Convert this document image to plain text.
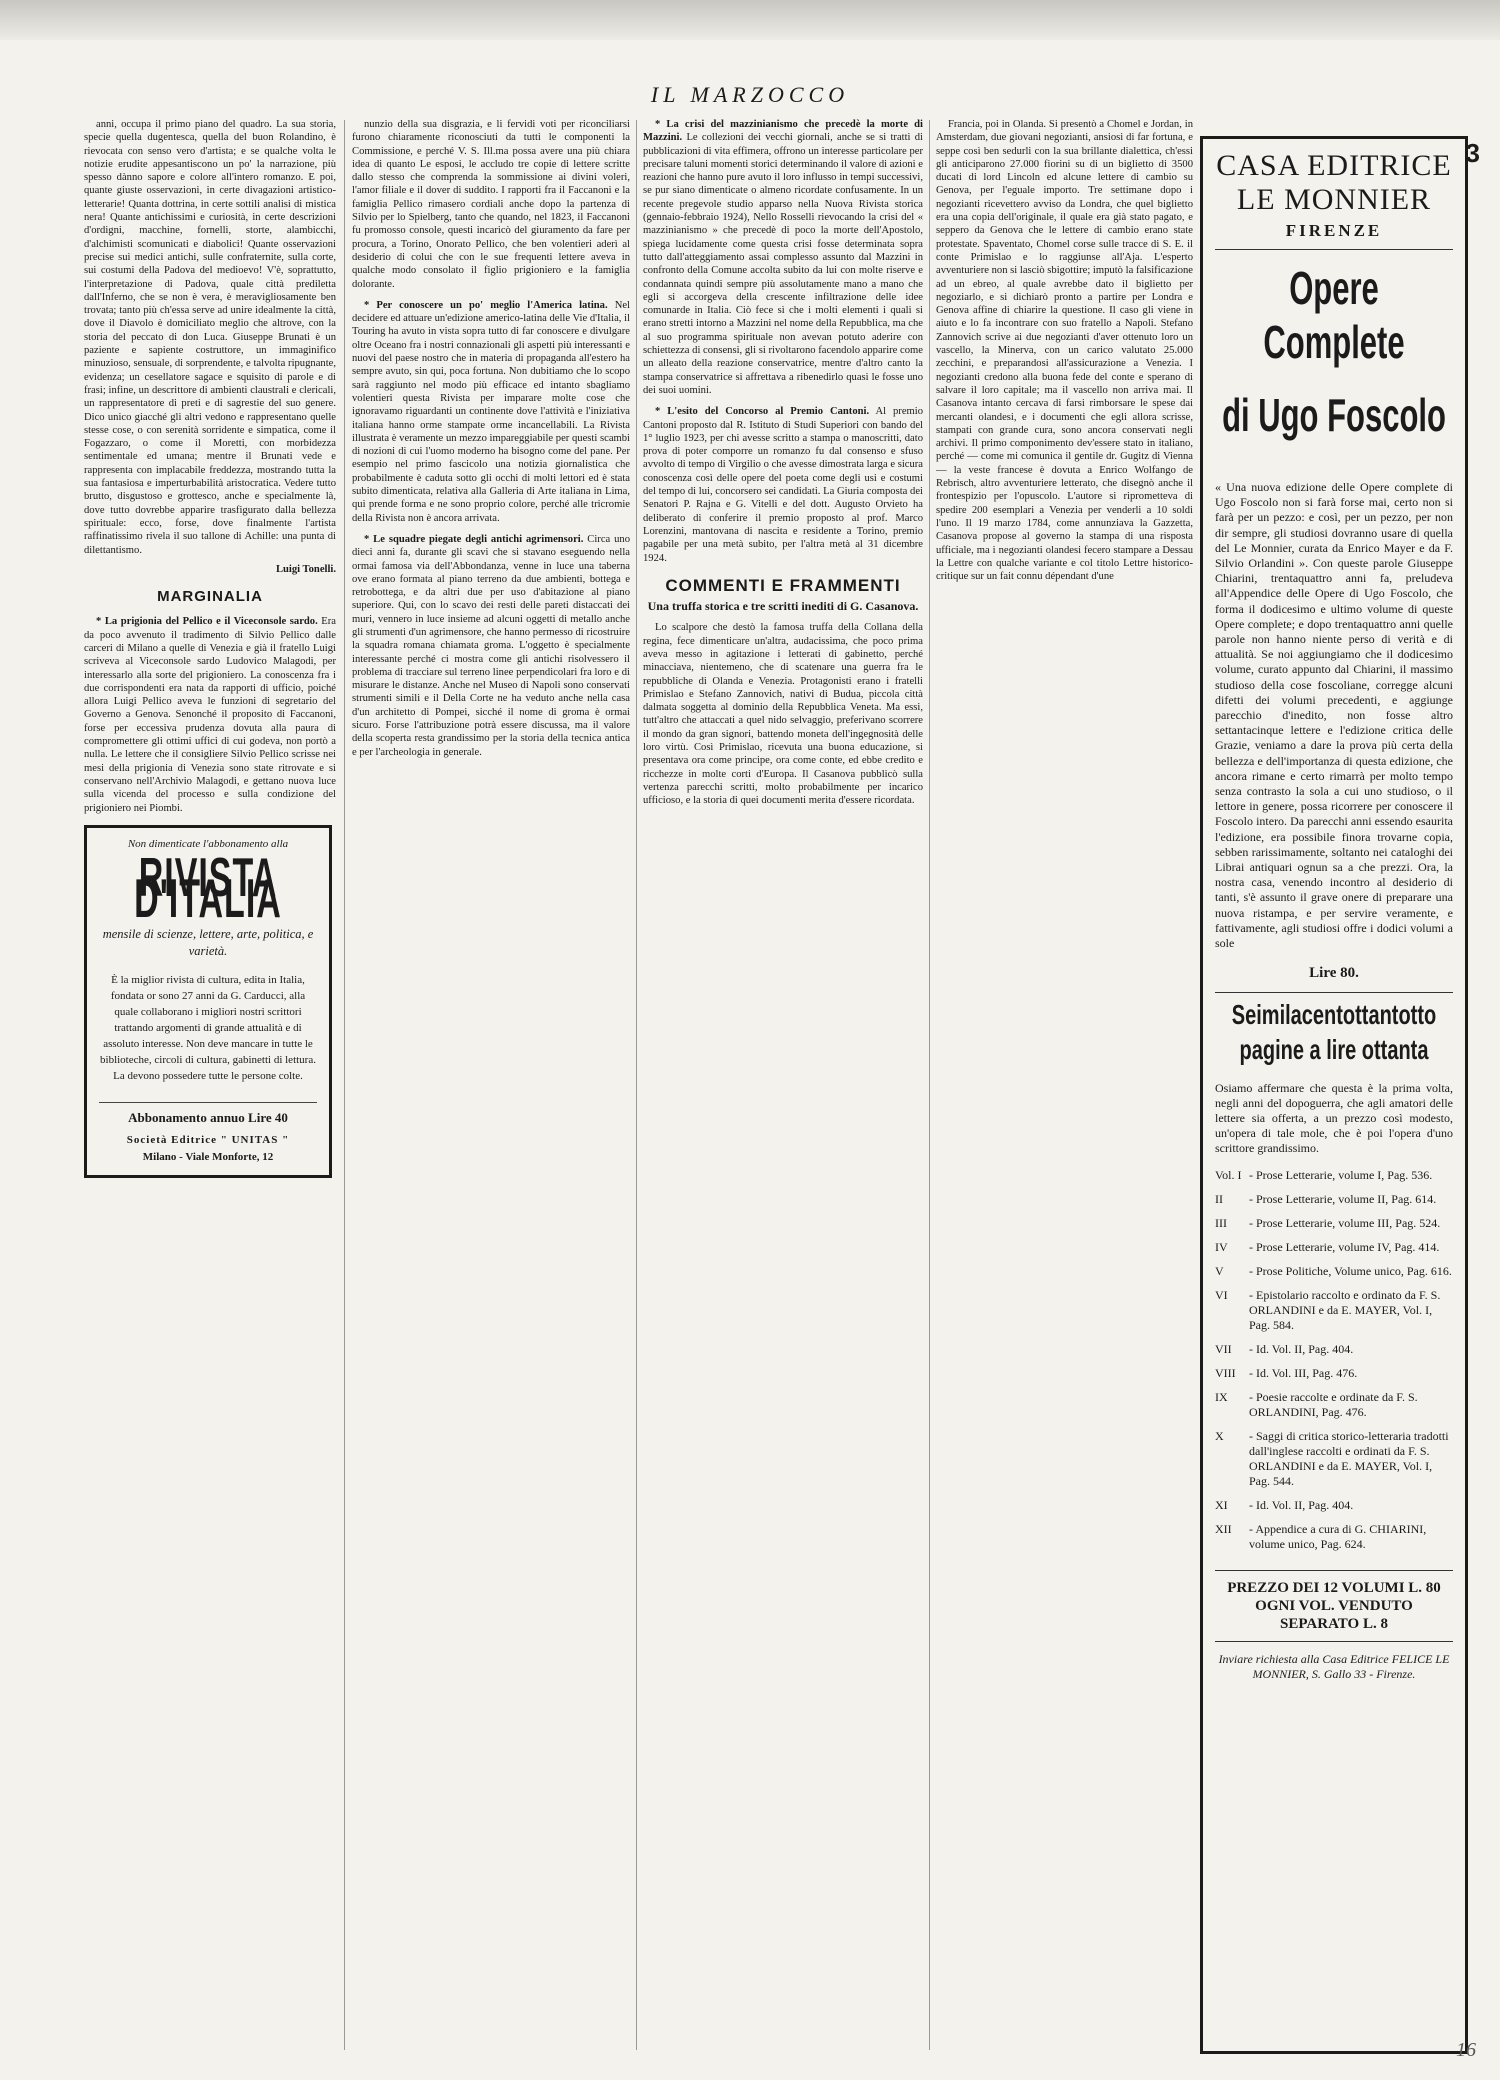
IL MARZOCCO
3

anni, occupa il primo piano del quadro. La sua storia, specie quella dugentesca, quella del buon Rolandino, è rievocata con senso vero d'artista; e se qualche volta le notizie erudite appesantiscono un po' la narrazione, più spesso dànno sapore e colore all'intero romanzo. E poi, quante giuste osservazioni, in certe divagazioni artistico-letterarie! Quanta dottrina, in certe sottili analisi di mistica nera! Quante antichissimi e curiosità, in certe descrizioni d'ordigni, macchine, fornelli, storte, alambicchi, d'alchimisti scomunicati e diabolici! Quante osservazioni precise sui medici antichi, sulle confraternite, sulla corte, sui costumi della Padova del medioevo! V'è, soprattutto, l'interpretazione di Padova, quale città prediletta dall'Inferno, che se non è vera, è meravigliosamente ben trovata; tanto più ch'essa serve ad unire idealmente la città, dove il Diavolo è domiciliato meglio che altrove, con la storia del peccato di don Luca. Giuseppe Brunati è un paziente e sapiente costruttore, un immaginifico minuzioso, sensuale, di sorprendente, e talvolta ripugnante, evidenza; un cesellatore sagace e squisito di parole e di frasi; infine, un descrittore di ambienti claustrali e clericali, un rappresentatore di preti e di sagrestie del suo genere. Dico unico giacché gli altri vedono e rappresentano quelle stesse cose, o con serenità sorridente e simpatica, come il Fogazzaro, o come il Moretti, con morbidezza sentimentale ed umana; mentre il Brunati vede e rappresenta con implacabile freddezza, mostrando tutta la sua fantasiosa e imperturbabilità aristocratica. Vedere tutto brutto, disgustoso e grottesco, anche e specialmente là, dove tutto dovrebbe apparire trasfigurato dalla bellezza spirituale: ecco, forse, dove finalmente l'artista raffinatissimo rivela il suo tallone di Achille: una punta di dilettantismo.

Luigi Tonelli.
MARGINALIA

* La prigionia del Pellico e il Viceconsole sardo. Era da poco avvenuto il tradimento di Silvio Pellico dalle carceri di Milano a quelle di Venezia e già il fratello Luigi scriveva al Viceconsole sardo Ludovico Malagodi, per interessarlo alla sorte del prigioniero. La conoscenza fra i due corrispondenti era nata da rapporti di ufficio, poiché allora Luigi Pellico aveva le funzioni di segretario del Governo a Genova. Senonché il proposito di Faccanoni, forse per eccessiva prudenza dovuta alla paura di compromettere gli ottimi uffici di cui godeva, non portò a nulla. Le lettere che il consigliere Silvio Pellico scrisse nei mesi della prigionia di Venezia sono state ritrovate e si conservano nell'Archivio Malagodi, e gettano nuova luce sulla vicenda del processo e sulla condizione del prigioniero nei Piombi.

Non dimenticate l'abbonamento alla
RIVISTA D'ITALIA
mensile di scienze, lettere, arte, politica, e varietà.
È la miglior rivista di cultura, edita in Italia, fondata or sono 27 anni da G. Carducci, alla quale collaborano i migliori nostri scrittori trattando argomenti di grande attualità e di assoluto interesse. Non deve mancare in tutte le biblioteche, circoli di cultura, gabinetti di lettura. La devono possedere tutte le persone colte.
Abbonamento annuo Lire 40
Società Editrice " UNITAS "
Milano - Viale Monforte, 12

nunzio della sua disgrazia, e li fervidi voti per riconciliarsi furono chiaramente riconosciuti da tutti le componenti la Commissione, e perché V. S. Ill.ma possa avere una più chiara idea di quanto Le esposi, le accludo tre copie di lettere scritte dallo stesso che comprenda la sommissione ai divini voleri, l'amor filiale e il dover di suddito. I rapporti fra il Faccanoni e la famiglia Pellico rimasero cordiali anche dopo la partenza di Silvio per lo Spielberg, tanto che quando, nel 1823, il Faccanoni fu promosso console, questi incaricò del giuramento da fare per procura, a Torino, Onorato Pellico, che ben volentieri aderì al desiderio di colui che con le sue frequenti lettere aveva in qualche modo consolato il figlio prigioniero e la famiglia dolorante.

* Per conoscere un po' meglio l'America latina. Nel decidere ed attuare un'edizione americo-latina delle Vie d'Italia, il Touring ha avuto in vista sopra tutto di far conoscere e divulgare oltre Oceano fra i nostri connazionali gli aspetti più interessanti e nuovi del paese nostro che in materia di propaganda all'estero ha sempre avuto, sin qui, poca fortuna. Non dubitiamo che lo scopo sarà raggiunto nel modo più efficace ed intanto sbagliamo volentieri questa Rivista per imparare molte cose che ignoravamo riguardanti un continente dove l'attività e l'iniziativa italiana hanno orme stampate orme incancellabili. La Rivista illustrata è veramente un mezzo impareggiabile per questi scambi di nozioni di cui l'uomo moderno ha bisogno come del pane. Per esempio nel primo fascicolo una notizia giornalistica che probabilmente è caduta sotto gli occhi di molti lettori ed è stata subito dimenticata, relativa alla Galleria di Arte italiana in Lima, qui prende forma e ne sono proprio colore, perché alle tricromie della Rivista non è ancora arrivata.

* Le squadre piegate degli antichi agrimensori. Circa uno dieci anni fa, durante gli scavi che si stavano eseguendo nella ormai famosa via dell'Abbondanza, venne in luce una taberna ove erano formata al piano terreno da due ambienti, bottega e retrobottega, e da altri due per uso d'abitazione al piano superiore. Qui, con lo scavo dei resti delle pareti distaccati dei muri, vennero in luce insieme ad alcuni oggetti di metallo anche gli strumenti d'un agrimensore, che hanno permesso di ricostruire la squadra romana chiamata groma. L'oggetto è specialmente interessante perché ci mostra come gli antichi risolvessero il problema di tracciare sul terreno linee perpendicolari fra loro e di misurare le distanze. Anche nel Museo di Napoli sono conservati strumenti simili e il Della Corte ne ha veduto anche nella casa d'un architetto di Pompei, sicché il nome di groma è ormai sicuro. Forse l'attribuzione potrà essere discussa, ma il valore della scoperta resta grandissimo per la storia della tecnica antica e per l'archeologia in generale.

* La crisi del mazzinianismo che precedè la morte di Mazzini. Le collezioni dei vecchi giornali, anche se si tratti di pubblicazioni di vita effimera, offrono un interesse particolare per precisare taluni momenti storici determinando il valore di azioni e reazioni che hanno pure avuto il loro influsso in tempi successivi, se pur siano dimenticate o almeno ricordate confusamente. In un recente pregevole studio apparso nella Nuova Rivista storica (gennaio-febbraio 1924), Nello Rosselli rievocando la crisi del « mazzinianismo » che precedè di poco la morte dell'Apostolo, spiega lucidamente come questa crisi fosse determinata sopra tutto dall'atteggiamento assai complesso assunto dal Mazzini in confronto della Comune accolta subito da lui con molte riserve e condannata quindi sempre più assolutamente mano a mano che egli si accorgeva della crescente infiltrazione delle idee comunarde in Italia. Ciò fece sì che i molti elementi i quali si erano stretti intorno a Mazzini nel nome della Repubblica, ma che al suo programma spirituale non avevan potuto aderire con schiettezza di consensi, gli si rivoltarono facendolo apparire come un alleato della reazione conservatrice, mentre d'altro canto la stampa conservatrice si affrettava a ribenedirlo quasi le fosse uno dei suoi uomini.

* L'esito del Concorso al Premio Cantoni. Al premio Cantoni proposto dal R. Istituto di Studi Superiori con bando del 1° luglio 1923, per chi avesse scritto a stampa o manoscritti, dato prova di poter comporre un romanzo fu dal consenso e sfuso avvolto di tempo di Virgilio o che avesse dimostrata larga e sicura conoscenza così delle opere del poeta come degli usi e costumi del tempo di lui, concorsero sei candidati. La Giuria composta dei Senatori P. Rajna e G. Vitelli e del dott. Augusto Orvieto ha deliberato di conferire il premio proposto al prof. Marco Lorenzini, mantovana di nascita e residente a Torino, premio pagabile per una metà subito, per l'altra metà al 31 dicembre 1924.

COMMENTI E FRAMMENTI
Una truffa storica e tre scritti inediti di G. Casanova.

Lo scalpore che destò la famosa truffa della Collana della regina, fece dimenticare un'altra, audacissima, che poco prima aveva messo in agitazione i letterati di gabinetto, perché minacciava, nientemeno, che di scatenare una guerra fra le repubbliche di Olanda e Venezia. Protagonisti erano i fratelli Primislao e Stefano Zannovich, nativi di Budua, piccola città dalmata soggetta al dominio della Repubblica Veneta. Ma essi, tutt'altro che attaccati a quel nido selvaggio, preferivano scorrere il mondo da gran signori, battendo moneta dell'ingegnosità delle loro virtù. Così Primislao, ricevuta una buona educazione, si presentava ora come principe, ora come conte, ed ebbe credito e ricchezze in molte corti d'Europa. Il Casanova pubblicò sulla vertenza parecchi scritti, molto probabilmente per incarico ufficioso, e la storia di quei documenti merita d'essere ricordata.

Francia, poi in Olanda. Si presentò a Chomel e Jordan, in Amsterdam, due giovani negozianti, ansiosi di far fortuna, e seppe così ben sedurli con la sua brillante dialettica, ch'essi gli anticiparono 27.000 fiorini su di un biglietto di 3500 ducati di lord Lincoln ed alcune lettere di cambio su Genova, per l'eguale importo. Tre settimane dopo i negozianti ricevettero avviso da Londra, che quel biglietto era una copia dell'originale, il quale era già stato pagato, e seppero da Genova che le lettere di cambio erano state protestate. Spaventato, Chomel corse sulle tracce di S. E. il conte Primislao e lo raggiunse all'Aja. L'esperto avventuriere non si lasciò sbigottire; imputò la falsificazione ad un ebreo, al quale avrebbe dato il biglietto per negoziarlo, e si dichiarò pronto a partire per Londra e Genova affine di chiarire la questione. Il caso gli viene in aiuto e lo fa incontrare con suo fratello a Napoli. Stefano Zannovich scrive ai due negozianti d'aver ottenuto loro un vascello, la Minerva, con un carico valutato 25.000 zecchini, e preparandosi all'assicurazione a Venezia. I negozianti credono alla buona fede del conte e sperano di salvare il loro capitale; ma il vascello non arriva mai. Il Casanova intanto cercava di farsi rimborsare le spese dai mercanti olandesi, e i documenti che egli allora scrisse, stampati con grande cura, sono ancora conservati negli archivi. Il primo componimento dev'essere stato in italiano, perché — come mi comunica il gentile dr. Gugitz di Vienna — la veste francese è dovuta a Enrico Wolfango de Rebrisch, altro avventuriere letterato, che disegnò anche il frontespizio per l'opuscolo. L'autore si riprometteva di spedire 200 esemplari a Venezia per venderli a 10 soldi l'uno. Il 19 marzo 1784, come annunziava la Gazzetta, Casanova propose al governo la stampa di una risposta ufficiale, ma i negozianti olandesi fecero stampare a Dessau la Lettre con qualche variante e col titolo Lettre historico-critique sur un fait connu dépendant d'une

CASA EDITRICE LE MONNIER
FIRENZE
Opere Complete
di Ugo Foscolo
« Una nuova edizione delle Opere complete di Ugo Foscolo non si farà forse mai, certo non si farà per un pezzo: e così, per un pezzo, per non dir sempre, gli studiosi dovranno usare di quella del Le Monnier, curata da Enrico Mayer e da F. Silvio Orlandini ». Con queste parole Giuseppe Chiarini, trentaquattro anni fa, preludeva all'Appendice delle Opere di Ugo Foscolo, che forma il dodicesimo e ultimo volume di queste Opere complete; e dopo trentaquattro anni quelle parole non hanno niente perso di verità e di attualità. Se noi aggiungiamo che il dodicesimo volume, curato appunto dal Chiarini, il massimo studioso della cose foscoliane, corregge alcuni difetti dei volumi precedenti, e aggiunge parecchio d'inedito, non fosse altro settantacinque lettere e l'edizione critica delle Grazie, veniamo a dare la prova più certa della bellezza e dell'importanza di questa edizione, che ancora rimane e certo rimarrà per molto tempo senza contrasto la sola a cui uno studioso, o il lettore in genere, possa ricorrere per conoscere il Foscolo intero. Da parecchi anni essendo esaurita l'edizione, era possibile finora trovarne copia, sebben rarissimamente, soltanto nei cataloghi dei Librai antiquari ognun sa a che prezzi. Ora, la nostra casa, venendo incontro al desiderio di tanti, s'è assunto il grave onere di preparare una nuova ristampa, e per servire veramente, e fattivamente, agli studiosi offre i dodici volumi a sole
Lire 80.
Seimilacentottantotto
pagine a lire ottanta
Osiamo affermare che questa è la prima volta, negli anni del dopoguerra, che agli amatori delle lettere sia offerta, a un prezzo così modesto, un'opera di tale mole, che è poi l'opera d'uno scrittore grandissimo.
Vol. I - Prose Letterarie, volume I, Pag. 536.
II	- Prose Letterarie, volume II, Pag. 614.
III	- Prose Letterarie, volume III, Pag. 524.
IV	- Prose Letterarie, volume IV, Pag. 414.
V	- Prose Politiche, Volume unico, Pag. 616.
VI	- Epistolario raccolto e ordinato da F. S. ORLANDINI e da E. MAYER, Vol. I, Pag. 584.
VII	- Id. Vol. II, Pag. 404.
VIII	- Id. Vol. III, Pag. 476.
IX	- Poesie raccolte e ordinate da F. S. ORLANDINI, Pag. 476.
X	- Saggi di critica storico-letteraria tradotti dall'inglese raccolti e ordinati da F. S. ORLANDINI e da E. MAYER, Vol. I, Pag. 544.
XI	- Id. Vol. II, Pag. 404.
XII	- Appendice a cura di G. CHIARINI, volume unico, Pag. 624.
PREZZO DEI 12 VOLUMI L. 80
OGNI VOL. VENDUTO SEPARATO L. 8
Inviare richiesta alla Casa Editrice FELICE LE MONNIER, S. Gallo 33 - Firenze.
16
